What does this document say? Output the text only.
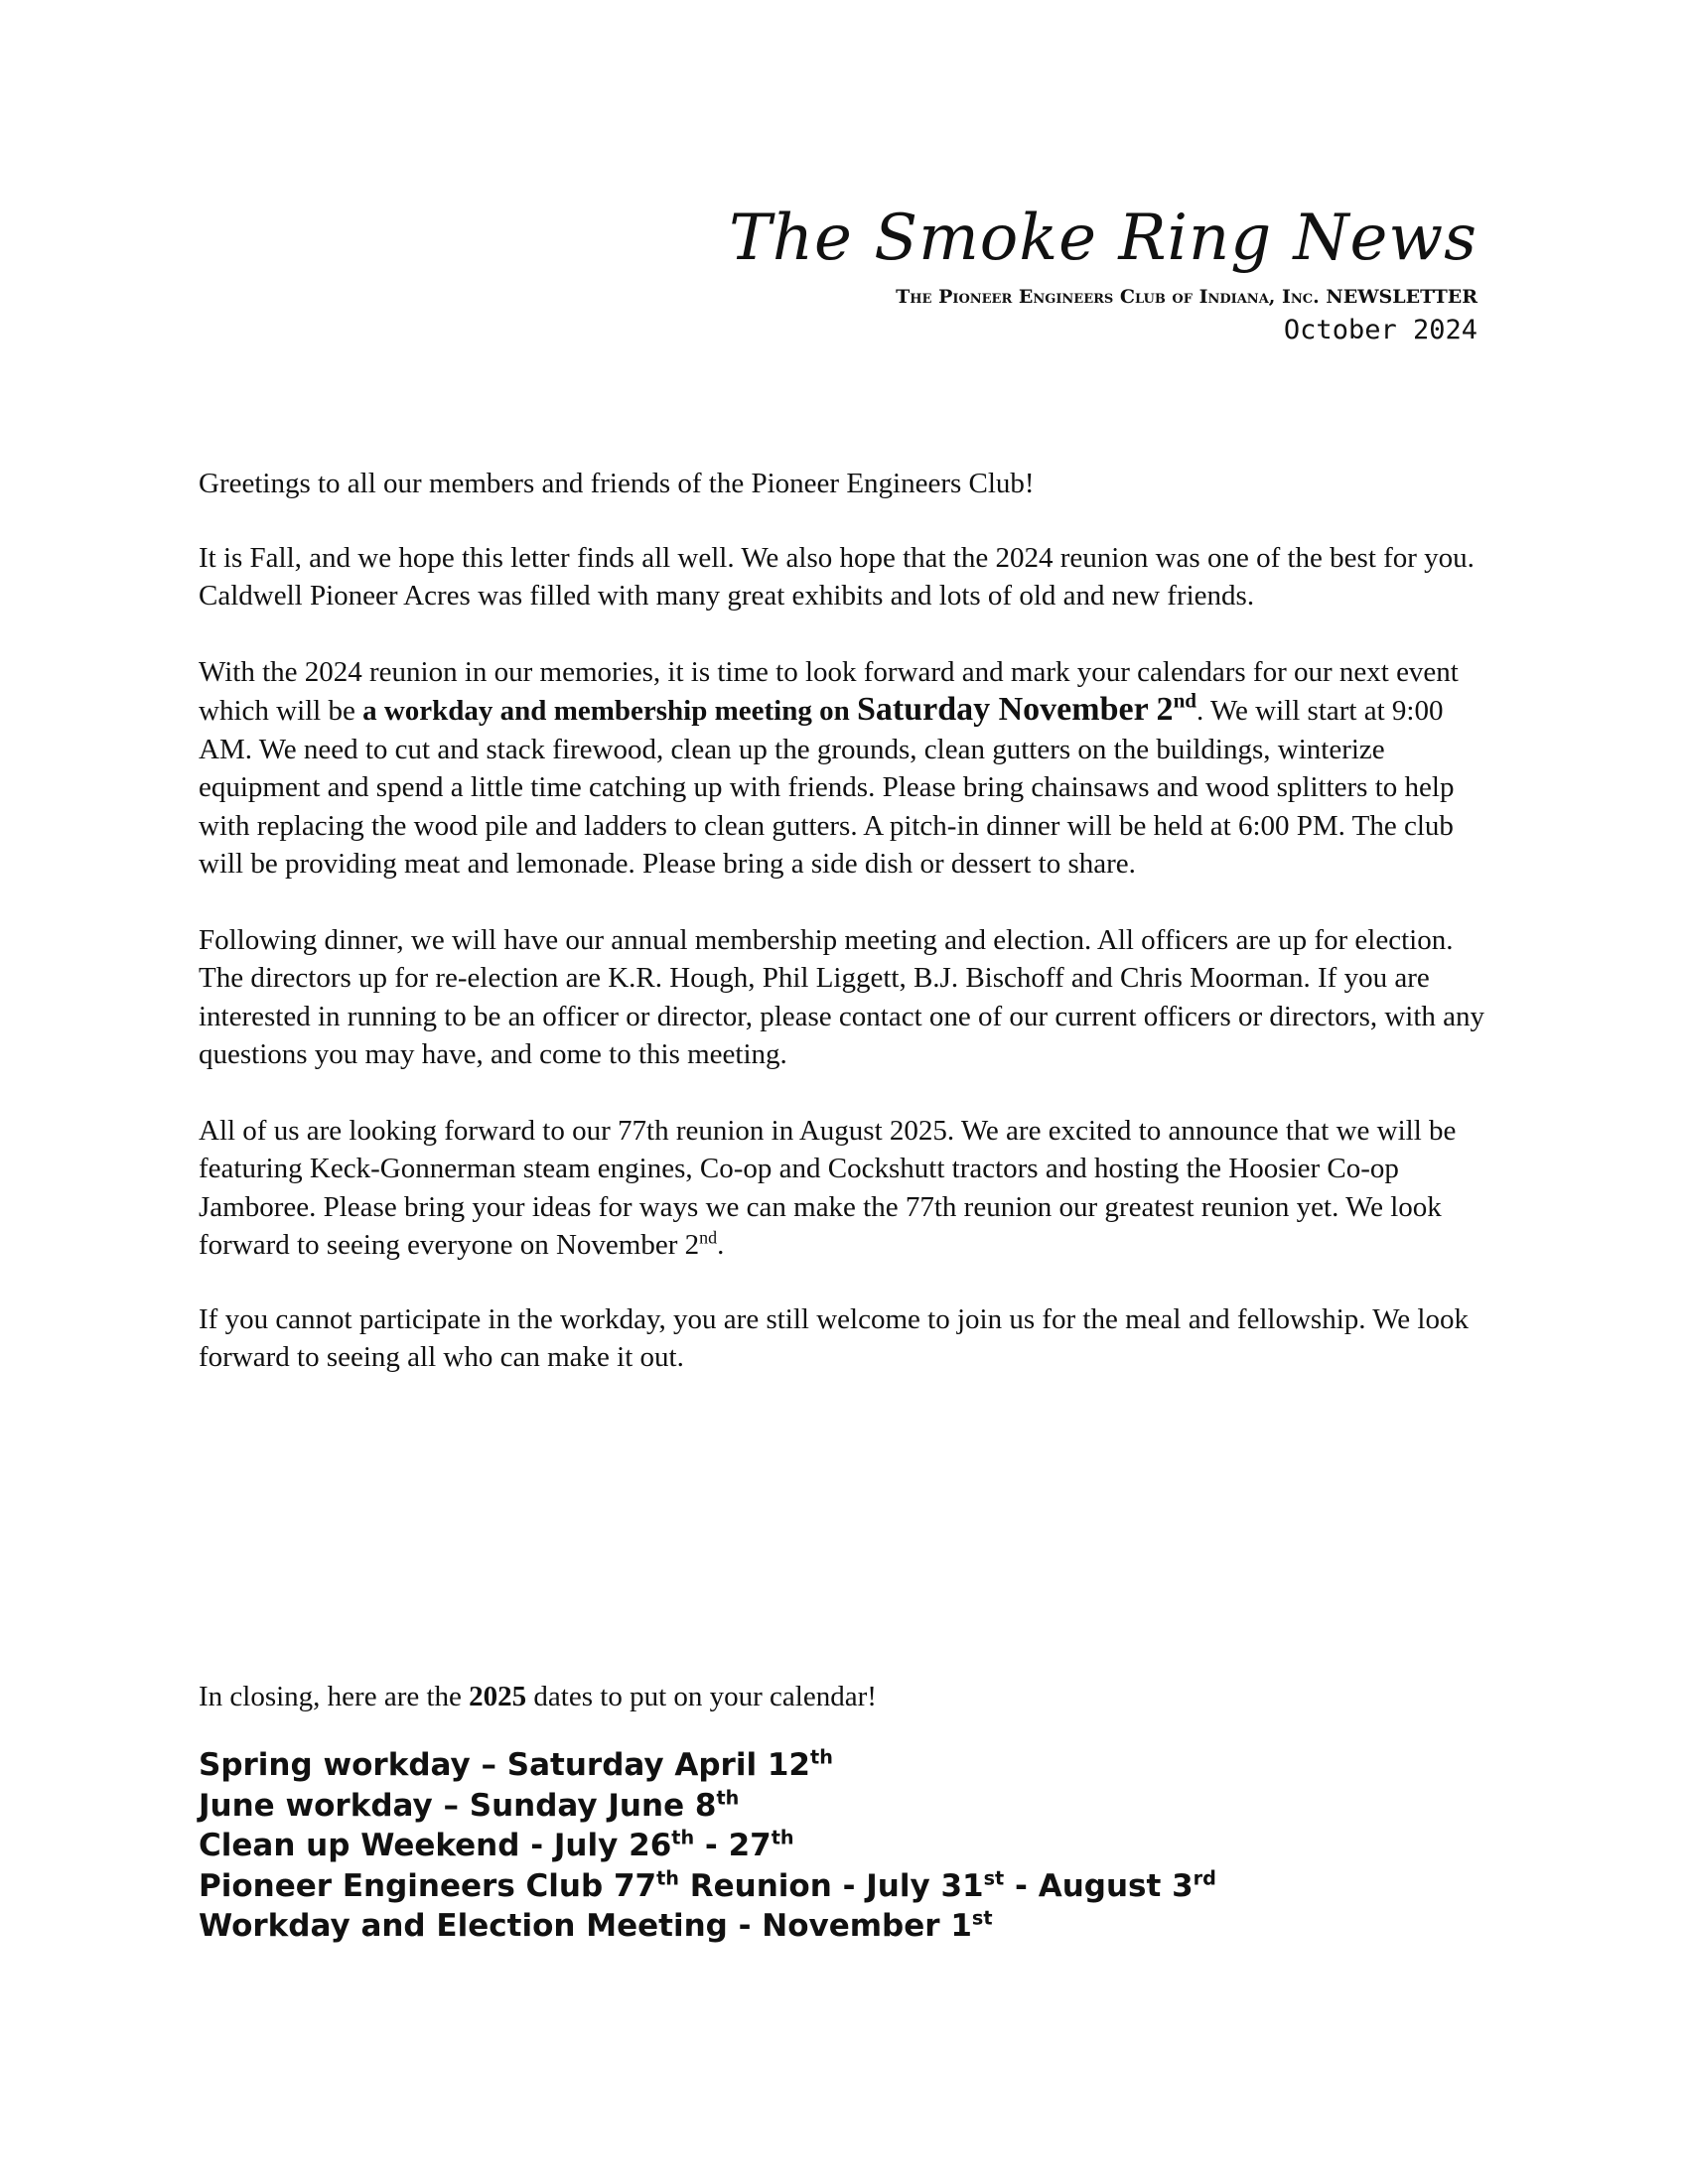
The Smoke Ring News
The Pioneer Engineers Club of Indiana, Inc. NEWSLETTER
October 2024

Greetings to all our members and friends of the Pioneer Engineers Club!

It is Fall, and we hope this letter finds all well. We also hope that the 2024 reunion was one of the best for you. Caldwell Pioneer Acres was filled with many great exhibits and lots of old and new friends.

With the 2024 reunion in our memories, it is time to look forward and mark your calendars for our next event which will be a workday and membership meeting on Saturday November 2nd. We will start at 9:00 AM. We need to cut and stack firewood, clean up the grounds, clean gutters on the buildings, winterize equipment and spend a little time catching up with friends. Please bring chainsaws and wood splitters to help with replacing the wood pile and ladders to clean gutters. A pitch-in dinner will be held at 6:00 PM. The club will be providing meat and lemonade. Please bring a side dish or dessert to share.

Following dinner, we will have our annual membership meeting and election. All officers are up for election. The directors up for re-election are K.R. Hough, Phil Liggett, B.J. Bischoff and Chris Moorman. If you are interested in running to be an officer or director, please contact one of our current officers or directors, with any questions you may have, and come to this meeting.

All of us are looking forward to our 77th reunion in August 2025. We are excited to announce that we will be featuring Keck-Gonnerman steam engines, Co-op and Cockshutt tractors and hosting the Hoosier Co-op Jamboree. Please bring your ideas for ways we can make the 77th reunion our greatest reunion yet. We look forward to seeing everyone on November 2nd.

If you cannot participate in the workday, you are still welcome to join us for the meal and fellowship. We look forward to seeing all who can make it out.

In closing, here are the 2025 dates to put on your calendar!
Spring workday – Saturday April 12th
June workday – Sunday June 8th
Clean up Weekend - July 26th - 27th
Pioneer Engineers Club 77th Reunion - July 31st - August 3rd
Workday and Election Meeting - November 1st
